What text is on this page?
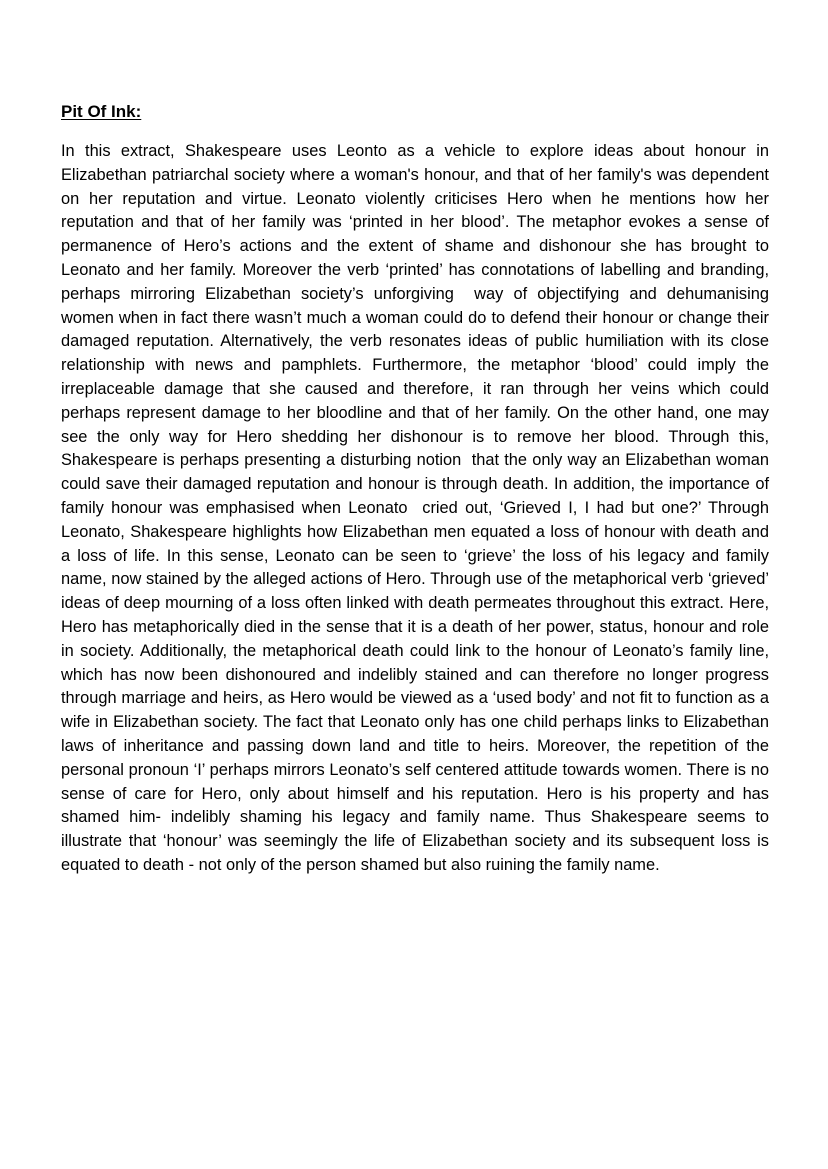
Pit Of Ink:

In this extract, Shakespeare uses Leonto as a vehicle to explore ideas about honour in Elizabethan patriarchal society where a woman's honour, and that of her family's was dependent on her reputation and virtue. Leonato violently criticises Hero when he mentions how her reputation and that of her family was ‘printed in her blood’. The metaphor evokes a sense of permanence of Hero’s actions and the extent of shame and dishonour she has brought to Leonato and her family. Moreover the verb ‘printed’ has connotations of labelling and branding, perhaps mirroring Elizabethan society’s unforgiving  way of objectifying and dehumanising women when in fact there wasn’t much a woman could do to defend their honour or change their damaged reputation. Alternatively, the verb resonates ideas of public humiliation with its close relationship with news and pamphlets. Furthermore, the metaphor ‘blood’ could imply the irreplaceable damage that she caused and therefore, it ran through her veins which could perhaps represent damage to her bloodline and that of her family. On the other hand, one may see the only way for Hero shedding her dishonour is to remove her blood. Through this, Shakespeare is perhaps presenting a disturbing notion  that the only way an Elizabethan woman could save their damaged reputation and honour is through death. In addition, the importance of family honour was emphasised when Leonato  cried out, ‘Grieved I, I had but one?’ Through Leonato, Shakespeare highlights how Elizabethan men equated a loss of honour with death and a loss of life. In this sense, Leonato can be seen to ‘grieve’ the loss of his legacy and family name, now stained by the alleged actions of Hero. Through use of the metaphorical verb ‘grieved’ ideas of deep mourning of a loss often linked with death permeates throughout this extract. Here, Hero has metaphorically died in the sense that it is a death of her power, status, honour and role in society. Additionally, the metaphorical death could link to the honour of Leonato’s family line, which has now been dishonoured and indelibly stained and can therefore no longer progress through marriage and heirs, as Hero would be viewed as a ‘used body’ and not fit to function as a wife in Elizabethan society. The fact that Leonato only has one child perhaps links to Elizabethan laws of inheritance and passing down land and title to heirs. Moreover, the repetition of the personal pronoun ‘I’ perhaps mirrors Leonato’s self centered attitude towards women. There is no sense of care for Hero, only about himself and his reputation. Hero is his property and has shamed him- indelibly shaming his legacy and family name. Thus Shakespeare seems to illustrate that ‘honour’ was seemingly the life of Elizabethan society and its subsequent loss is equated to death - not only of the person shamed but also ruining the family name.
